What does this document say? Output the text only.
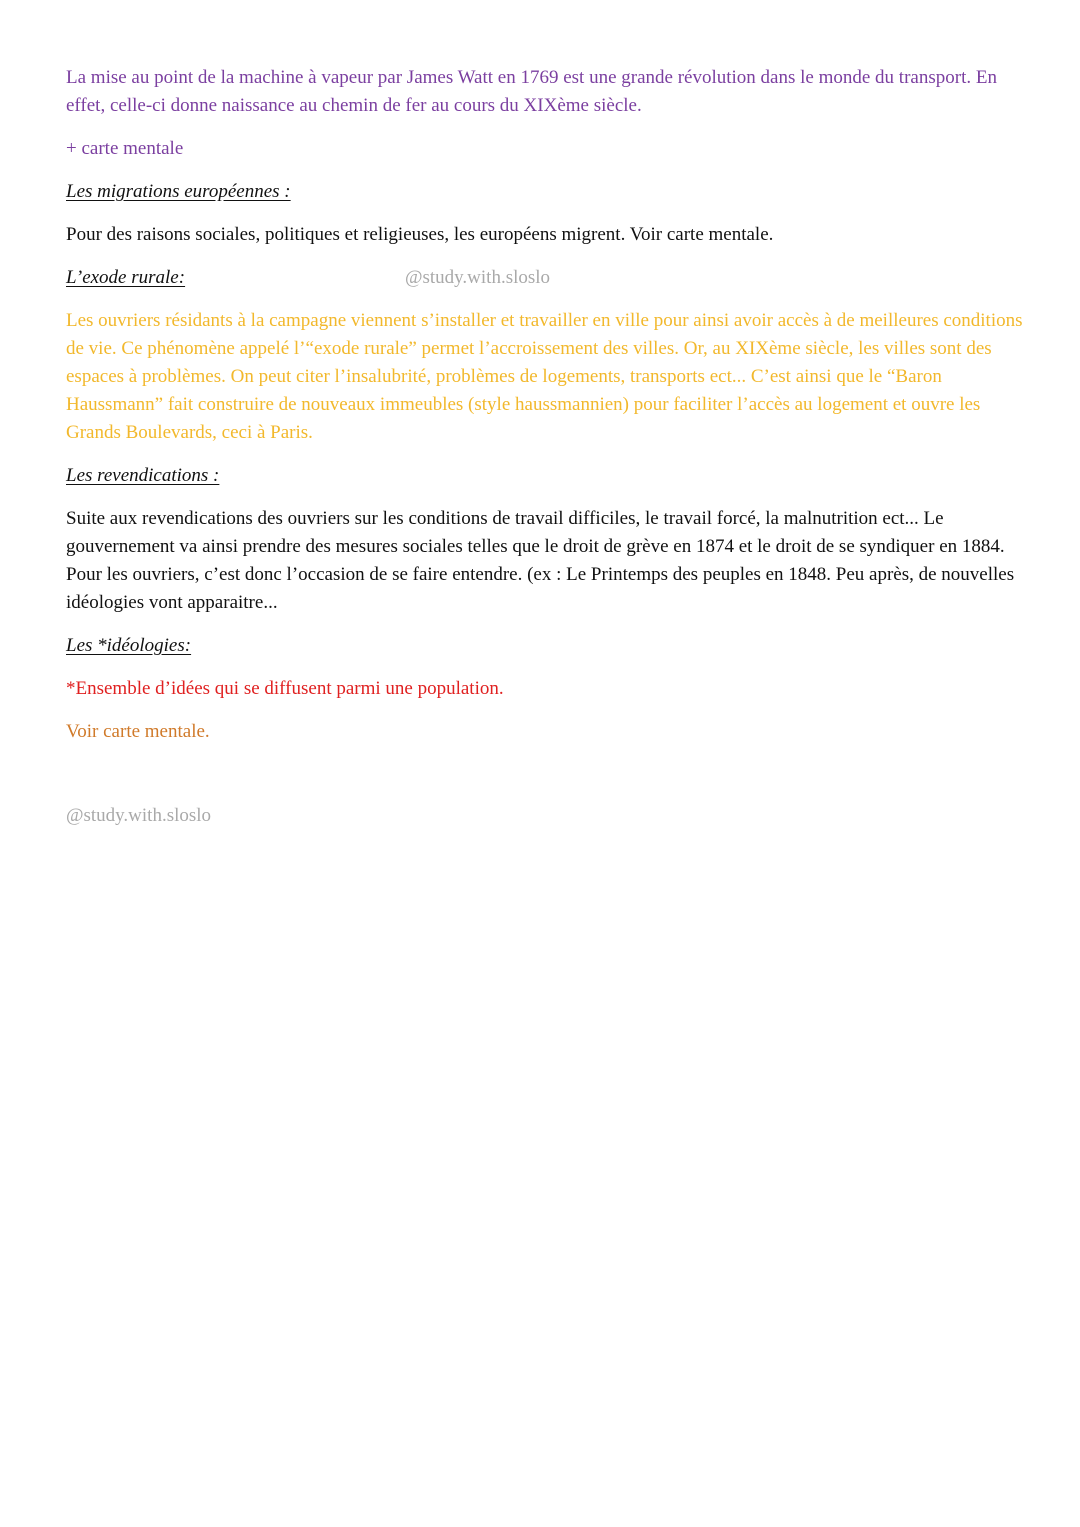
La mise au point de la machine à vapeur par James Watt en 1769 est une grande révolution dans le monde du transport. En effet, celle-ci donne naissance au chemin de fer au cours du XIXème siècle.

+ carte mentale

Les migrations européennes :

Pour des raisons sociales, politiques et religieuses, les européens migrent. Voir carte mentale.

L’exode rurale:	@study.with.sloslo

Les ouvriers résidants à la campagne viennent s’installer et travailler en ville pour ainsi avoir accès à de meilleures conditions de vie. Ce phénomène appelé l’“exode rurale” permet l’accroissement des villes. Or, au XIXème siècle, les villes sont des espaces à problèmes. On peut citer l’insalubrité, problèmes de logements, transports ect... C’est ainsi que le “Baron Haussmann” fait construire de nouveaux immeubles (style haussmannien) pour faciliter l’accès au logement et ouvre les Grands Boulevards, ceci à Paris.

Les revendications :

Suite aux revendications des ouvriers sur les conditions de travail difficiles, le travail forcé, la malnutrition ect... Le gouvernement va ainsi prendre des mesures sociales telles que le droit de grève en 1874 et le droit de se syndiquer en 1884. Pour les ouvriers, c’est donc l’occasion de se faire entendre. (ex : Le Printemps des peuples en 1848. Peu après, de nouvelles idéologies vont apparaitre...

Les *idéologies:

*Ensemble d’idées qui se diffusent parmi une population.

Voir carte mentale.

@study.with.sloslo
